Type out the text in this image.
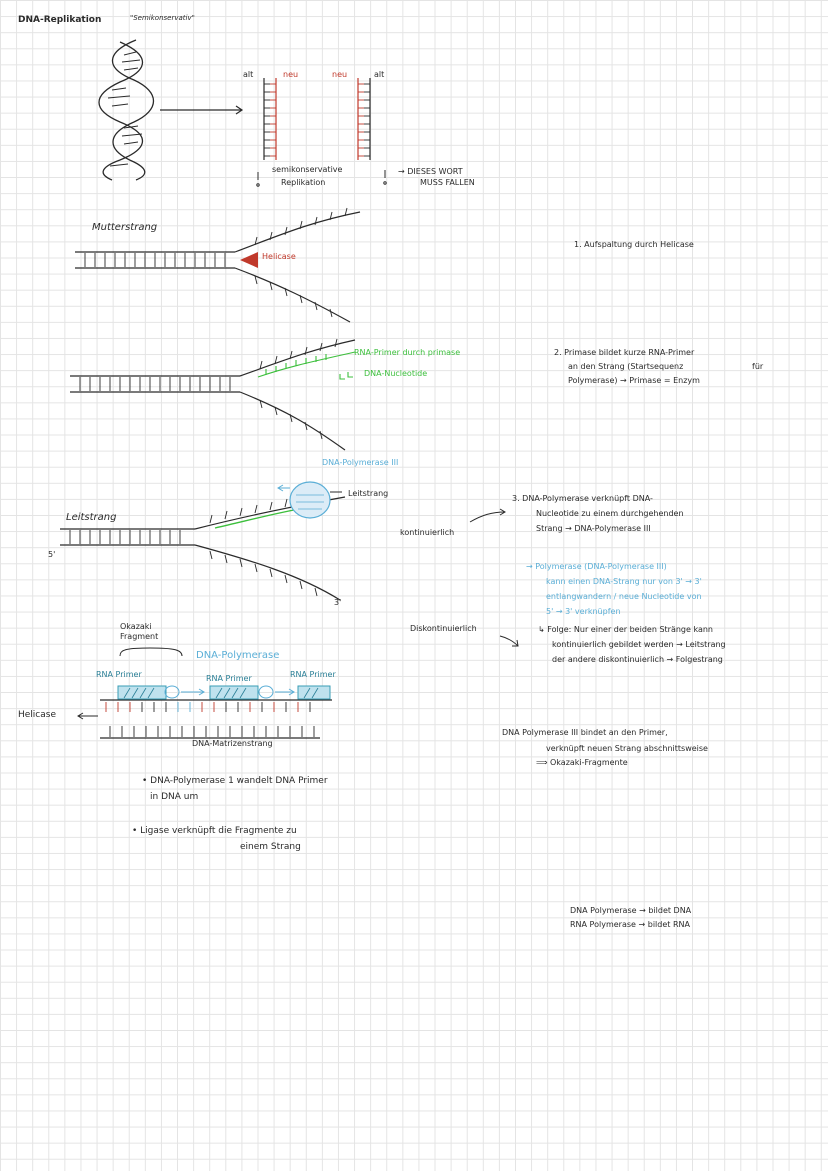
DNA-Replikation	"Semikonservativ"
alt	neu	neu	alt
semikonservative
Replikation
→ DIESES WORT
MUSS FALLEN
Mutterstrang
Helicase
1. Aufspaltung durch Helicase
RNA-Primer durch primase
DNA-Nucleotide
2. Primase bildet kurze RNA-Primer
an den Strang (Startsequenz	für
Polymerase) → Primase = Enzym
DNA-Polymerase III
Leitstrang
Leitstrang
5'
3'
kontinuierlich
Diskontinuierlich
3. DNA-Polymerase verknüpft DNA-
Nucleotide zu einem durchgehenden
Strang → DNA-Polymerase III
→ Polymerase (DNA-Polymerase III)
kann einen DNA-Strang nur von 3' → 3'
entlangwandern / neue Nucleotide von
5' → 3' verknüpfen
↳ Folge: Nur einer der beiden Stränge kann
kontinuierlich gebildet werden → Leitstrang
der andere diskontinuierlich → Folgestrang
Okazaki
Fragment
DNA-Polymerase
RNA Primer	RNA Primer	RNA Primer
Helicase
DNA-Matrizenstrang
• DNA-Polymerase 1 wandelt DNA Primer
in DNA um
• Ligase verknüpft die Fragmente zu
einem Strang
DNA Polymerase III bindet an den Primer,
verknüpft neuen Strang abschnittsweise
⟹ Okazaki-Fragmente
DNA Polymerase → bildet DNA
RNA Polymerase → bildet RNA
